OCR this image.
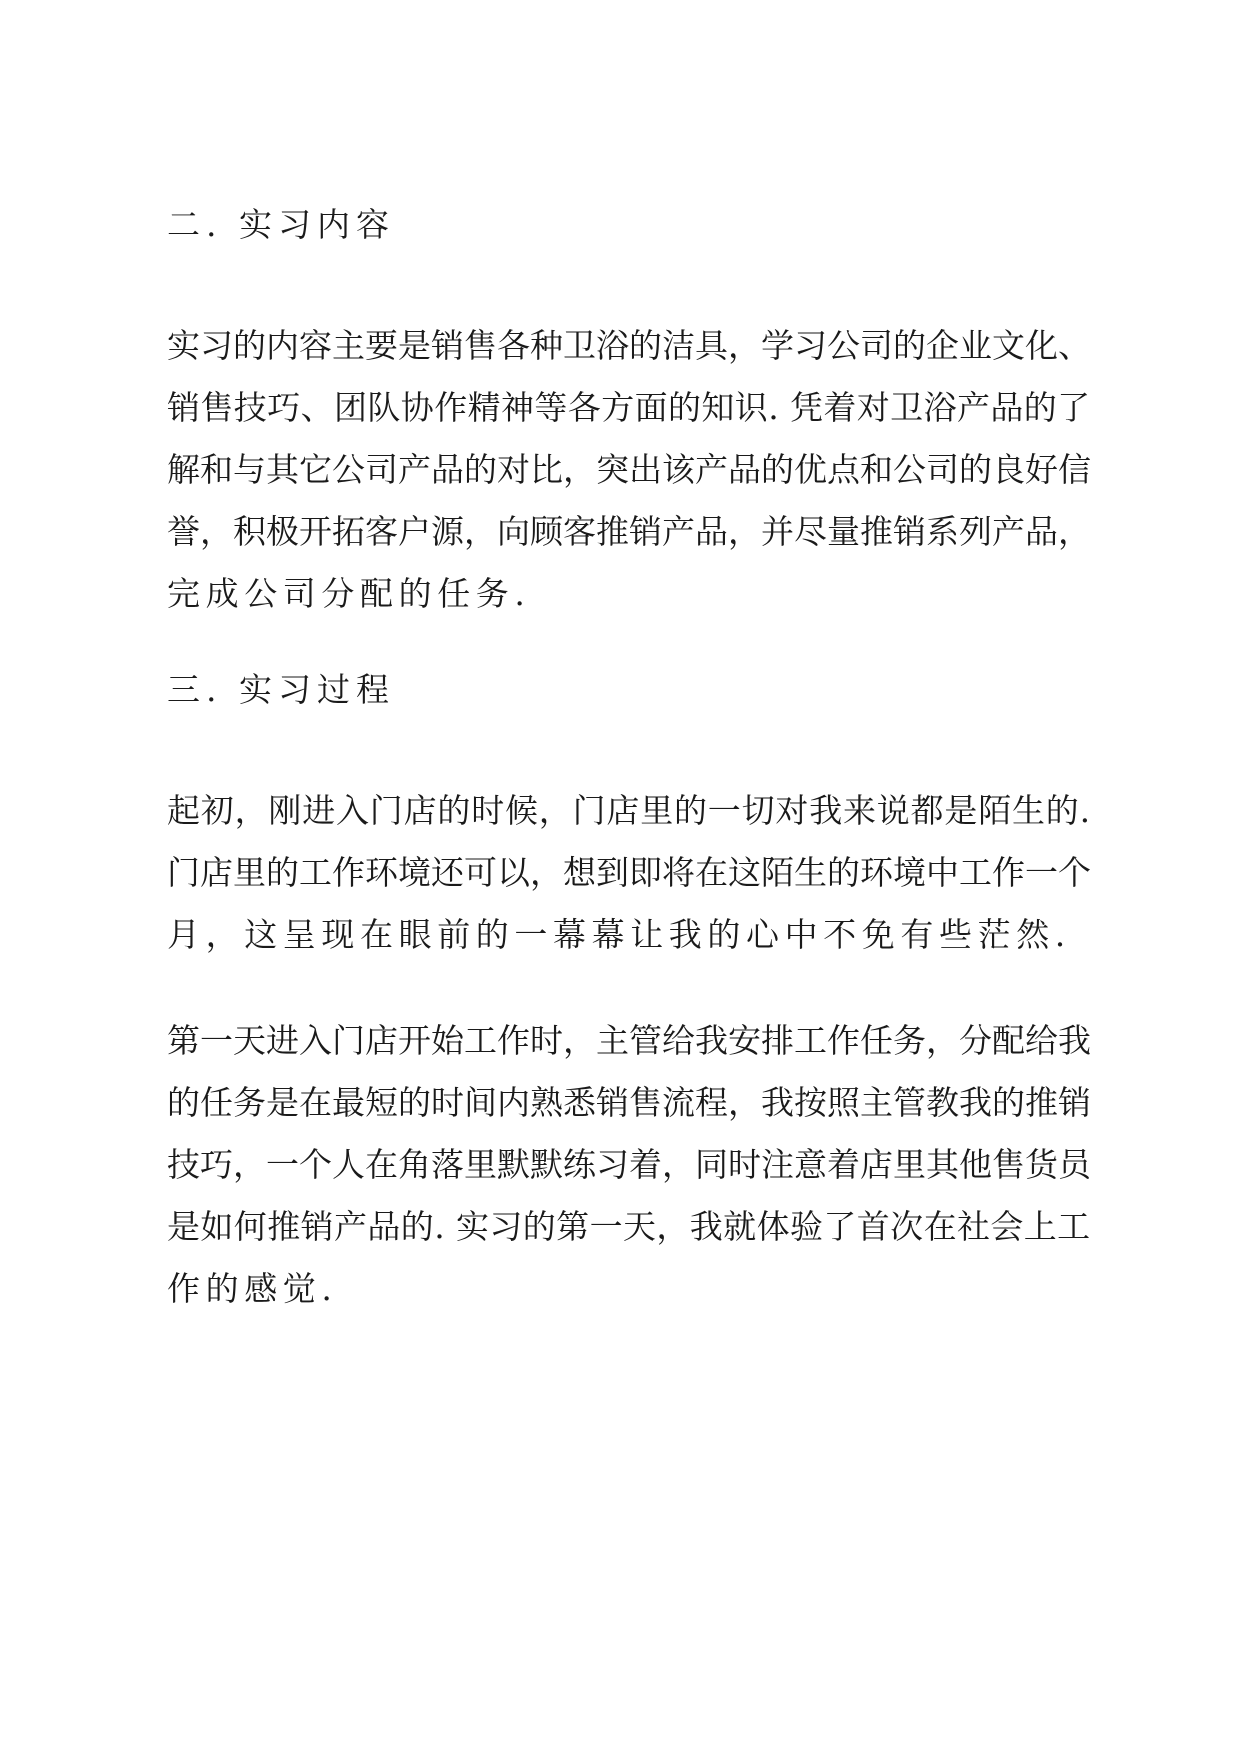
二. 实习内容
实习的内容主要是销售各种卫浴的洁具，学习公司的企业文化、
销售技巧、团队协作精神等各方面的知识. 凭着对卫浴产品的了
解和与其它公司产品的对比，突出该产品的优点和公司的良好信
誉，积极开拓客户源，向顾客推销产品，并尽量推销系列产品，
完成公司分配的任务.
三. 实习过程
起初，刚进入门店的时候，门店里的一切对我来说都是陌生的.
门店里的工作环境还可以，想到即将在这陌生的环境中工作一个
月，这呈现在眼前的一幕幕让我的心中不免有些茫然.
第一天进入门店开始工作时，主管给我安排工作任务，分配给我
的任务是在最短的时间内熟悉销售流程，我按照主管教我的推销
技巧，一个人在角落里默默练习着，同时注意着店里其他售货员
是如何推销产品的. 实习的第一天，我就体验了首次在社会上工
作的感觉.
